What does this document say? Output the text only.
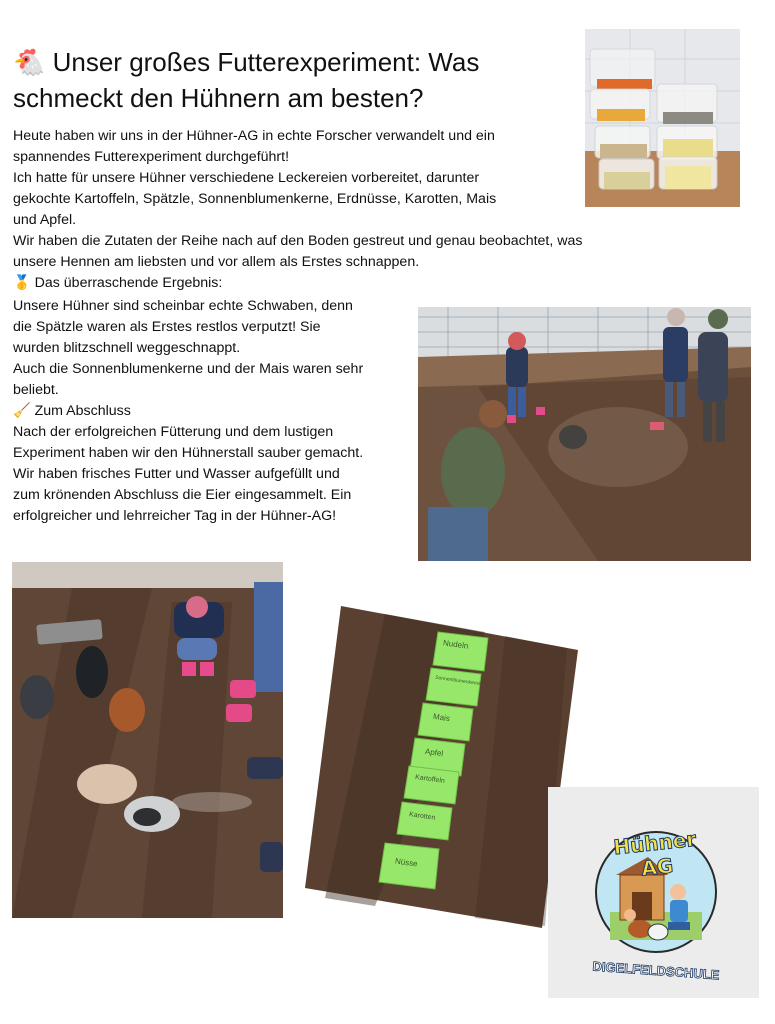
🐔 Unser großes Futterexperiment: Was schmeckt den Hühnern am besten?
Heute haben wir uns in der Hühner-AG in echte Forscher verwandelt und ein
spannendes Futterexperiment durchgeführt!
Ich hatte für unsere Hühner verschiedene Leckereien vorbereitet, darunter
gekochte Kartoffeln, Spätzle, Sonnenblumenkerne, Erdnüsse, Karotten, Mais
und Apfel.
Wir haben die Zutaten der Reihe nach auf den Boden gestreut und genau beobachtet, was
unsere Hennen am liebsten und vor allem als Erstes schnappen.
🥇 Das überraschende Ergebnis:
Unsere Hühner sind scheinbar echte Schwaben, denn
die Spätzle waren als Erstes restlos verputzt! Sie
wurden blitzschnell weggeschnappt.
Auch die Sonnenblumenkerne und der Mais waren sehr
beliebt.
🧹 Zum Abschluss
Nach der erfolgreichen Fütterung und dem lustigen
Experiment haben wir den Hühnerstall sauber gemacht.
Wir haben frisches Futter und Wasser aufgefüllt und
zum krönenden Abschluss die Eier eingesammelt. Ein
erfolgreicher und lehrreicher Tag in der Hühner-AG!
Nudeln
Sonnenblumenkerne
Mais
Apfel
Kartoffeln
Karotten
Nüsse
Hühner AG
DIGELFELDSCHULE
